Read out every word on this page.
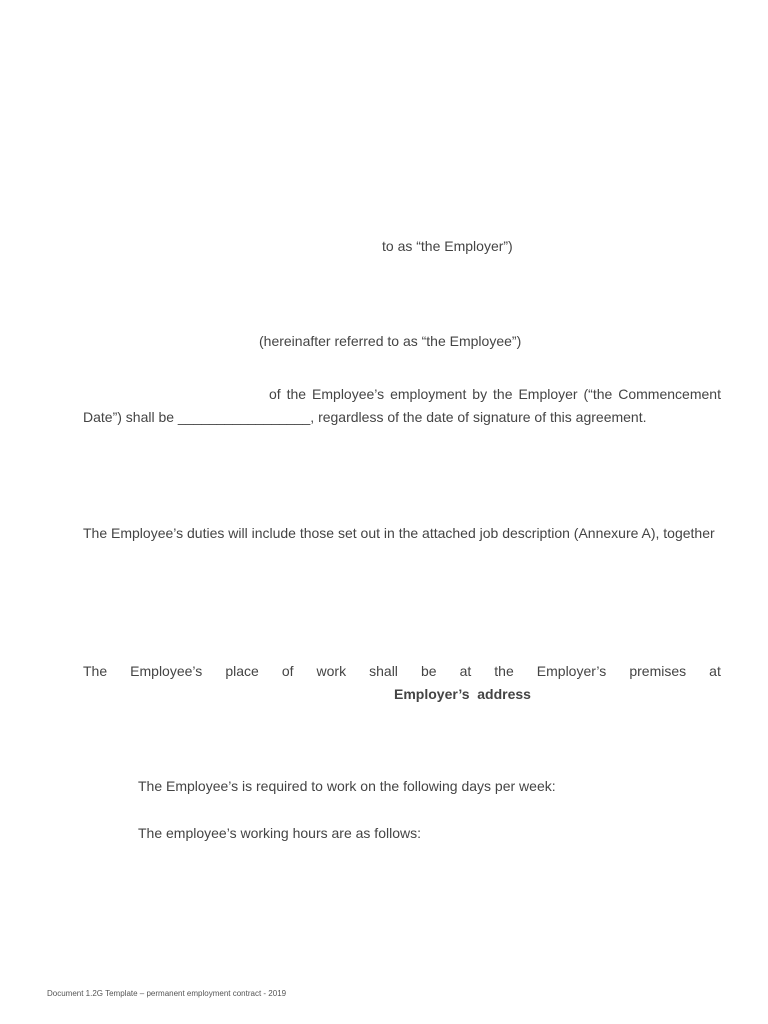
to as “the Employer”)
(hereinafter referred to as “the Employee”)
of the Employee’s employment by the Employer (“the Commencement
Date”) shall be _________________, regardless of the date of signature of this agreement.
The Employee’s duties will include those set out in the attached job description (Annexure A), together
The Employee’s place of work shall be at the Employer’s premises at
Employer’s  address
The Employee’s is required to work on the following days per week:
The employee’s working hours are as follows:
Document 1.2G Template – permanent employment contract - 2019
